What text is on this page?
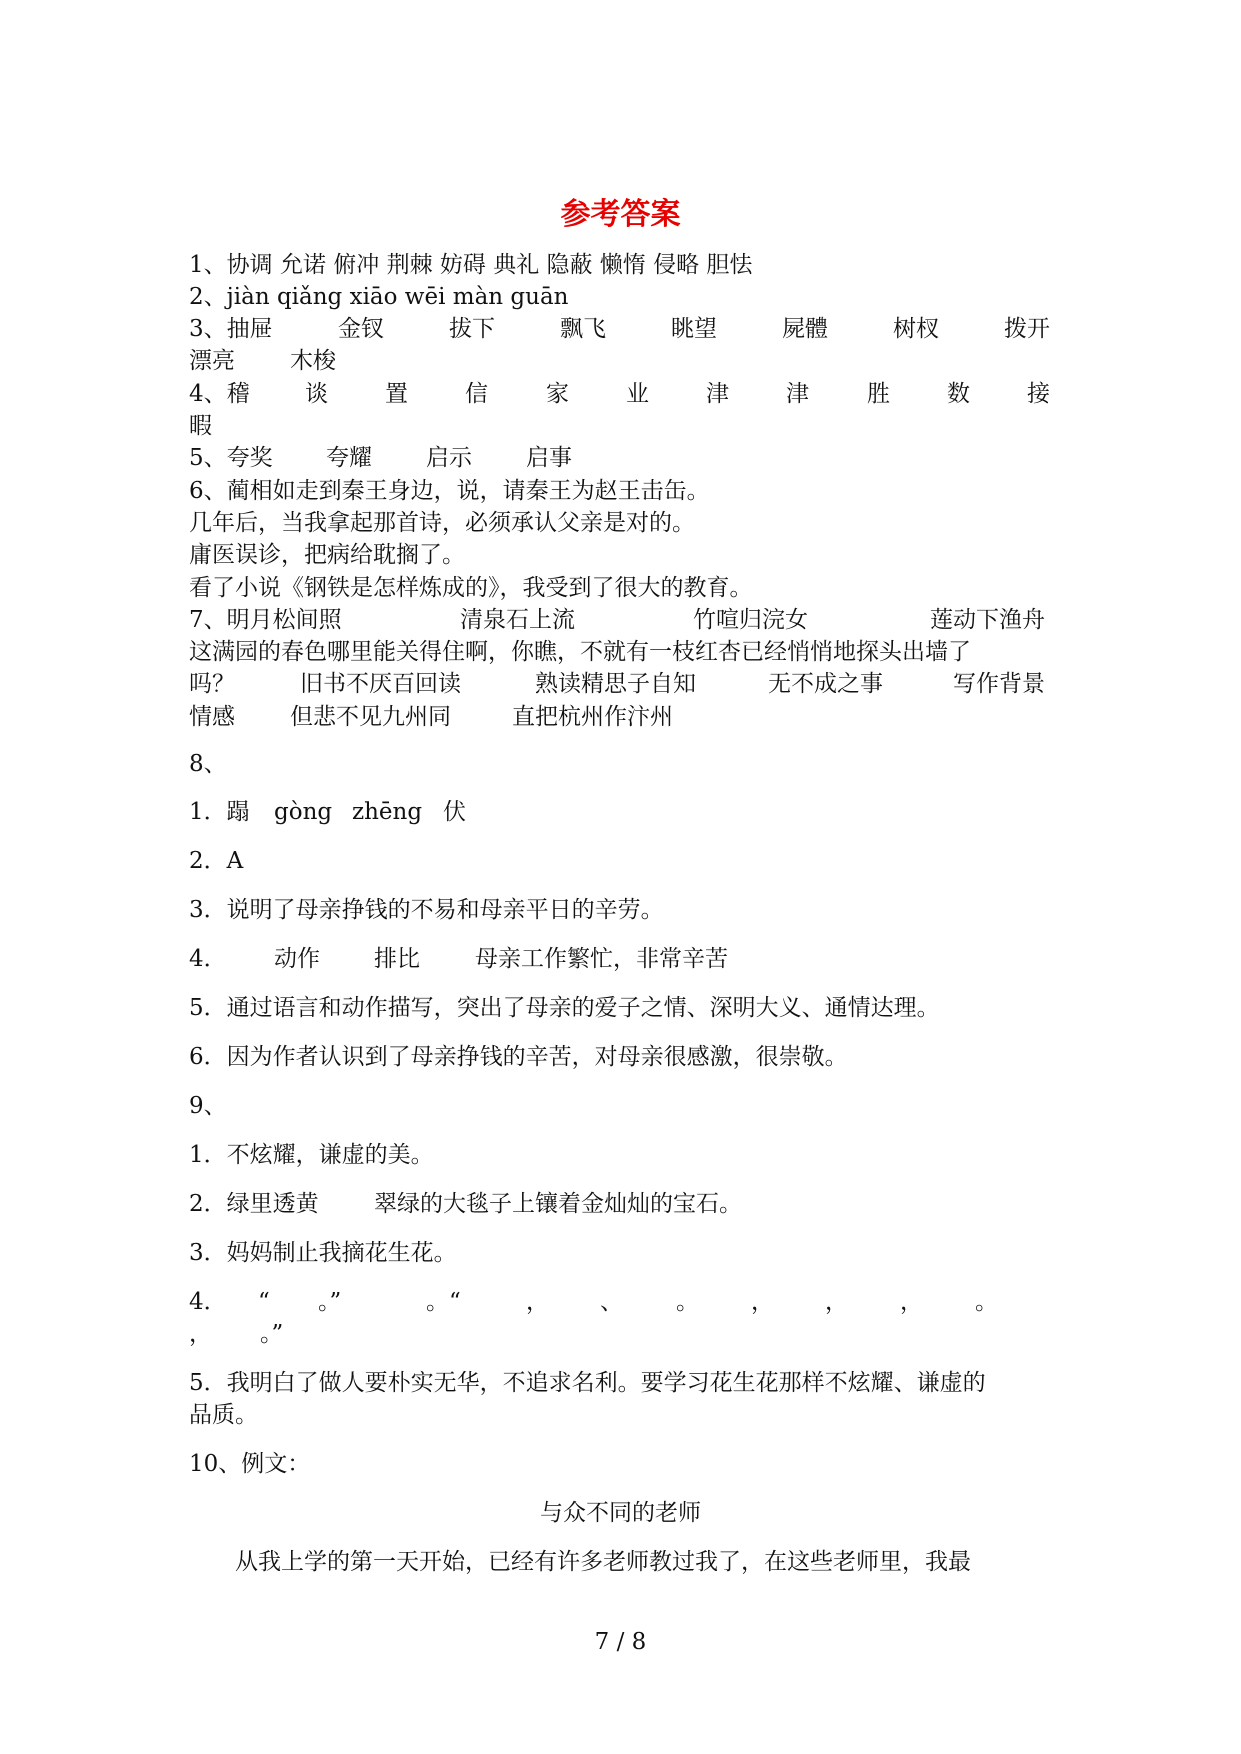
参考答案
1、协调 允诺 俯冲 荆棘 妨碍 典礼 隐蔽 懒惰 侵略 胆怯
2、jiàn qiǎng xiāo wēi màn guān
3、抽屉	金钗	拔下	飘飞	眺望	屍體	树杈	拨开
漂亮 木梭
4、稽 谈 置 信	家 业 津 津	胜 数 接
暇
5、夸奖 夸耀 启示 启事
6、蔺相如走到秦王身边，说，请秦王为赵王击缶。
几年后，当我拿起那首诗，必须承认父亲是对的。
庸医误诊，把病给耽搁了。
看了小说《钢铁是怎样炼成的》，我受到了很大的教育。
7、明月松间照	清泉石上流	竹喧归浣女	莲动下渔舟
这满园的春色哪里能关得住啊，你瞧，不就有一枝红杏已经悄悄地探头出墙了
吗？	旧书不厌百回读	熟读精思子自知	无不成之事	写作背景
情感 但悲不见九州同	直把杭州作汴州
8、
1．蹋 gòng zhēng 伏
2．A
3．说明了母亲挣钱的不易和母亲平日的辛劳。
4． 动作 排比 母亲工作繁忙，非常辛苦
5．通过语言和动作描写，突出了母亲的爱子之情、深明大义、通情达理。
6．因为作者认识到了母亲挣钱的辛苦，对母亲很感激，很崇敬。
9、
1．不炫耀，谦虚的美。
2．绿里透黄 翠绿的大毯子上镶着金灿灿的宝石。
3．妈妈制止我摘花生花。
4． “ 。”	。“	， 、 。 ， ， ， 。
， 。”
5．我明白了做人要朴实无华，不追求名利。要学习花生花那样不炫耀、谦虚的
品质。
10、例文：
与众不同的老师
从我上学的第一天开始，已经有许多老师教过我了，在这些老师里，我最
7 / 8
